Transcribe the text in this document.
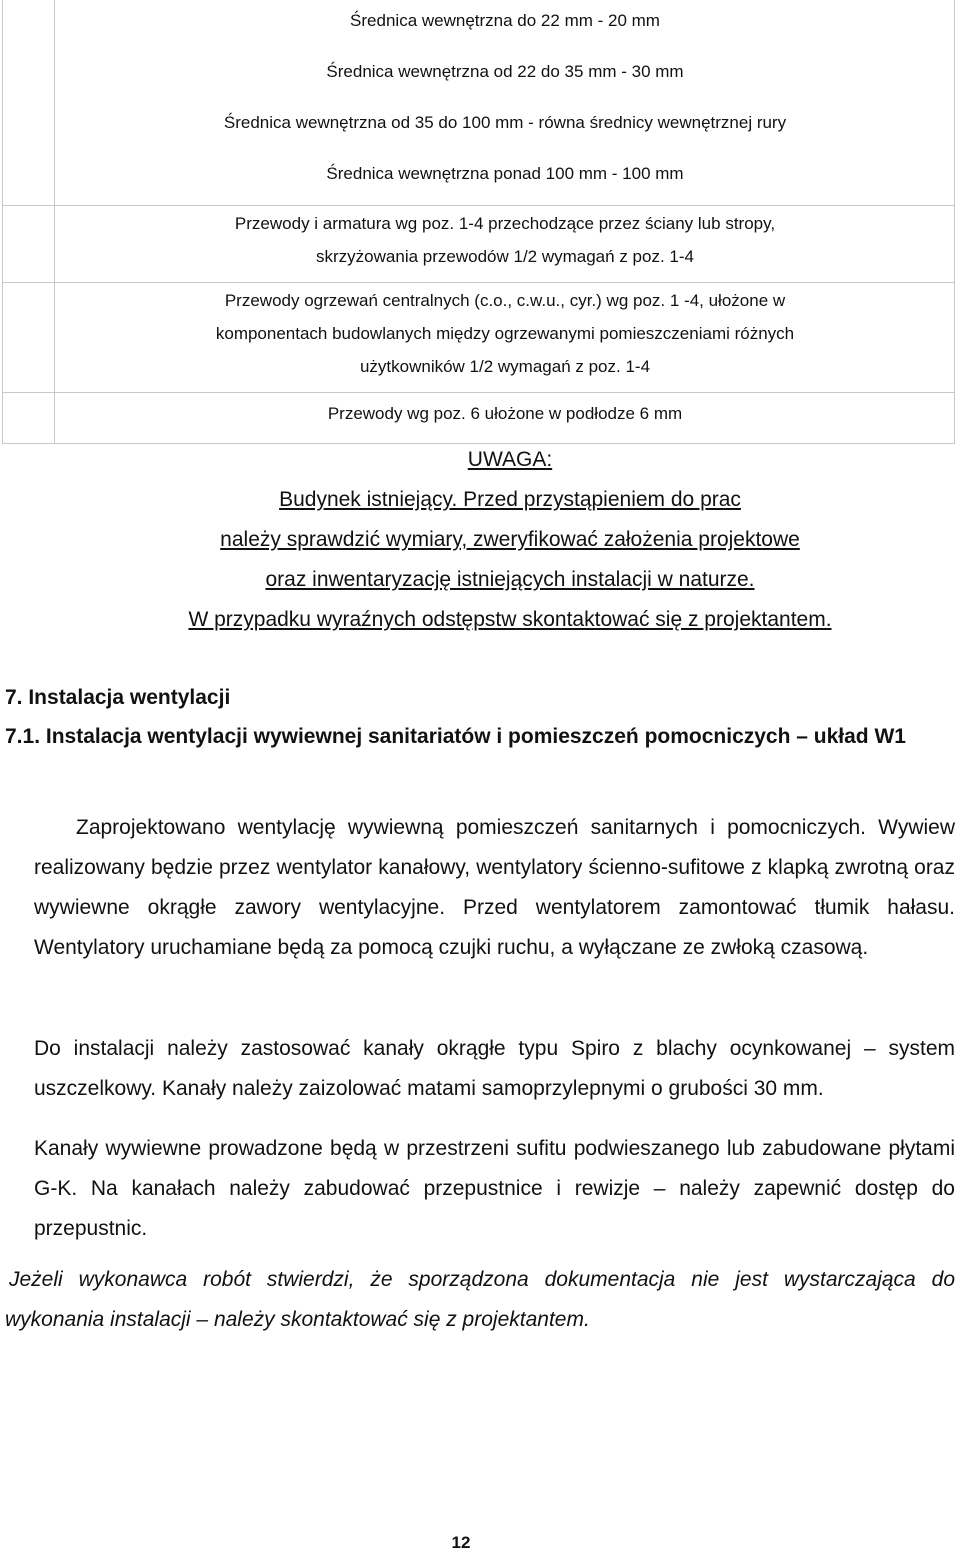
Średnica wewnętrzna do 22 mm - 20 mm
Średnica wewnętrzna od 22 do 35 mm - 30 mm
Średnica wewnętrzna od 35 do 100 mm - równa średnicy wewnętrznej rury
Średnica wewnętrzna ponad 100 mm - 100 mm
Przewody i armatura wg poz. 1-4 przechodzące przez ściany lub stropy,
skrzyżowania przewodów 1/2 wymagań z poz. 1-4
Przewody ogrzewań centralnych (c.o., c.w.u., cyr.) wg poz. 1 -4, ułożone w
komponentach budowlanych między ogrzewanymi pomieszczeniami różnych
użytkowników 1/2 wymagań z poz. 1-4
Przewody wg poz. 6 ułożone w podłodze 6 mm
UWAGA:
Budynek istniejący. Przed przystąpieniem do prac
należy sprawdzić wymiary, zweryfikować założenia projektowe
oraz inwentaryzację istniejących instalacji w naturze.
W przypadku wyraźnych odstępstw skontaktować się z projektantem.
7. Instalacja wentylacji
7.1. Instalacja wentylacji wywiewnej sanitariatów i pomieszczeń pomocniczych – układ W1

Zaprojektowano wentylację wywiewną pomieszczeń sanitarnych i pomocniczych. Wywiew realizowany będzie przez wentylator kanałowy, wentylatory ścienno-sufitowe z klapką zwrotną oraz wywiewne okrągłe zawory wentylacyjne. Przed wentylatorem zamontować tłumik hałasu. Wentylatory uruchamiane będą za pomocą czujki ruchu, a wyłączane ze zwłoką czasową.

Do instalacji należy zastosować kanały okrągłe typu Spiro z blachy ocynkowanej – system uszczelkowy. Kanały należy zaizolować matami samoprzylepnymi o grubości 30 mm.

Kanały wywiewne prowadzone będą w przestrzeni sufitu podwieszanego lub zabudowane płytami G-K. Na kanałach należy zabudować przepustnice i rewizje – należy zapewnić dostęp do przepustnic.

Jeżeli wykonawca robót stwierdzi, że sporządzona dokumentacja nie jest wystarczająca do wykonania instalacji – należy skontaktować się z projektantem.
12
